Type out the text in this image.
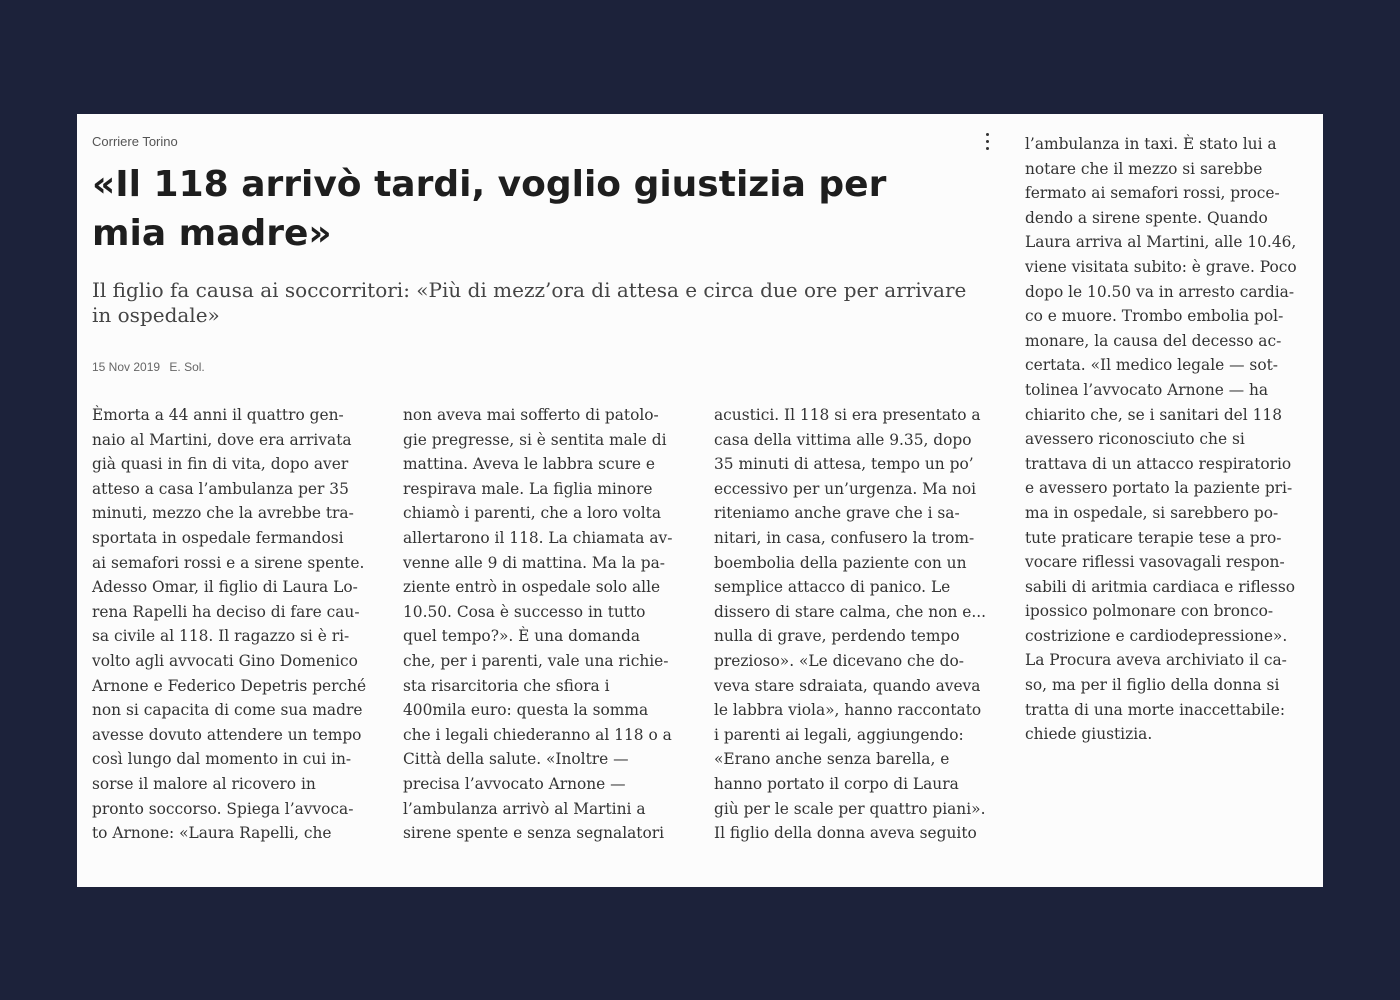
Corriere Torino
«Il 118 arrivò tardi, voglio giustizia per mia madre»

Il figlio fa causa ai soccorritori: «Più di mezz’ora di attesa e circa due ore per arrivare in ospedale»

15 Nov 2019 E. Sol.
Èmorta a 44 anni il quattro gen-
naio al Martini, dove era arrivata
già quasi in fin di vita, dopo aver
atteso a casa l’ambulanza per 35
minuti, mezzo che la avrebbe tra-
sportata in ospedale fermandosi
ai semafori rossi e a sirene spente.
Adesso Omar, il figlio di Laura Lo-
rena Rapelli ha deciso di fare cau-
sa civile al 118. Il ragazzo si è ri-
volto agli avvocati Gino Domenico
Arnone e Federico Depetris perché
non si capacita di come sua madre
avesse dovuto attendere un tempo
così lungo dal momento in cui in-
sorse il malore al ricovero in
pronto soccorso. Spiega l’avvoca-
to Arnone: «Laura Rapelli, che
non aveva mai sofferto di patolo-
gie pregresse, si è sentita male di
mattina. Aveva le labbra scure e
respirava male. La figlia minore
chiamò i parenti, che a loro volta
allertarono il 118. La chiamata av-
venne alle 9 di mattina. Ma la pa-
ziente entrò in ospedale solo alle
10.50. Cosa è successo in tutto
quel tempo?». È una domanda
che, per i parenti, vale una richie-
sta risarcitoria che sfiora i
400mila euro: questa la somma
che i legali chiederanno al 118 o a
Città della salute. «Inoltre —
precisa l’avvocato Arnone —
l’ambulanza arrivò al Martini a
sirene spente e senza segnalatori
acustici. Il 118 si era presentato a
casa della vittima alle 9.35, dopo
35 minuti di attesa, tempo un po’
eccessivo per un’urgenza. Ma noi
riteniamo anche grave che i sa-
nitari, in casa, confusero la trom-
boembolia della paziente con un
semplice attacco di panico. Le
dissero di stare calma, che non e...
nulla di grave, perdendo tempo
prezioso». «Le dicevano che do-
veva stare sdraiata, quando aveva
le labbra viola», hanno raccontato
i parenti ai legali, aggiungendo:
«Erano anche senza barella, e
hanno portato il corpo di Laura
giù per le scale per quattro piani».
Il figlio della donna aveva seguito
l’ambulanza in taxi. È stato lui a
notare che il mezzo si sarebbe
fermato ai semafori rossi, proce-
dendo a sirene spente. Quando
Laura arriva al Martini, alle 10.46,
viene visitata subito: è grave. Poco
dopo le 10.50 va in arresto cardia-
co e muore. Trombo embolia pol-
monare, la causa del decesso ac-
certata. «Il medico legale — sot-
tolinea l’avvocato Arnone — ha
chiarito che, se i sanitari del 118
avessero riconosciuto che si
trattava di un attacco respiratorio
e avessero portato la paziente pri-
ma in ospedale, si sarebbero po-
tute praticare terapie tese a pro-
vocare riflessi vasovagali respon-
sabili di aritmia cardiaca e riflesso
ipossico polmonare con bronco-
costrizione e cardiodepressione».
La Procura aveva archiviato il ca-
so, ma per il figlio della donna si
tratta di una morte inaccettabile:
chiede giustizia.
